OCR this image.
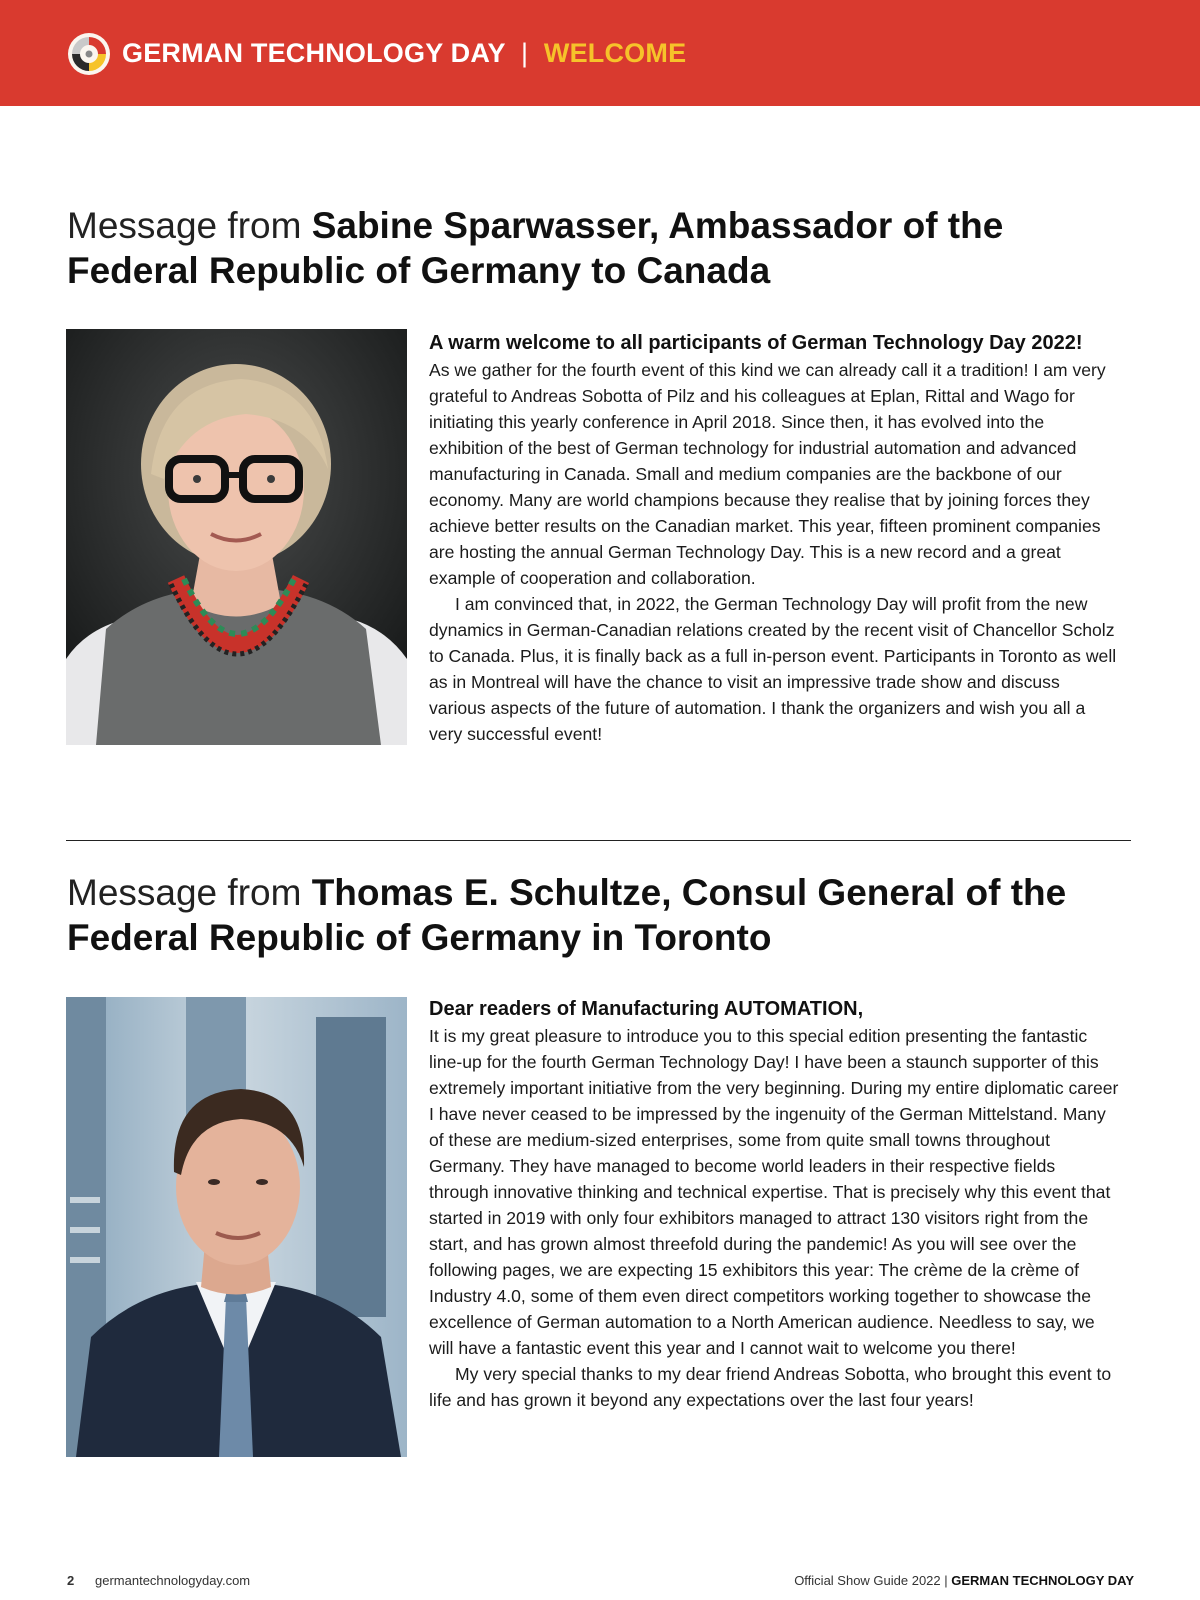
GERMAN TECHNOLOGY DAY | WELCOME
Message from Sabine Sparwasser, Ambassador of the Federal Republic of Germany to Canada
A warm welcome to all participants of German Technology Day 2022!

As we gather for the fourth event of this kind we can already call it a tradition! I am very grateful to Andreas Sobotta of Pilz and his colleagues at Eplan, Rittal and Wago for initiating this yearly conference in April 2018. Since then, it has evolved into the exhibition of the best of German technology for industrial automation and advanced manufacturing in Canada. Small and medium companies are the backbone of our economy. Many are world champions because they realise that by joining forces they achieve better results on the Canadian market. This year, fifteen prominent companies are hosting the annual German Technology Day. This is a new record and a great example of cooperation and collaboration.

I am convinced that, in 2022, the German Technology Day will profit from the new dynamics in German-Canadian relations created by the recent visit of Chancellor Scholz to Canada. Plus, it is finally back as a full in-person event. Participants in Toronto as well as in Montreal will have the chance to visit an impressive trade show and discuss various aspects of the future of automation. I thank the organizers and wish you all a very successful event!

Message from Thomas E. Schultze, Consul General of the Federal Republic of Germany in Toronto
Dear readers of Manufacturing AUTOMATION,

It is my great pleasure to introduce you to this special edition presenting the fantastic line-up for the fourth German Technology Day! I have been a staunch supporter of this extremely important initiative from the very beginning. During my entire diplomatic career I have never ceased to be impressed by the ingenuity of the German Mittelstand. Many of these are medium-sized enterprises, some from quite small towns throughout Germany. They have managed to become world leaders in their respective fields through innovative thinking and technical expertise. That is precisely why this event that started in 2019 with only four exhibitors managed to attract 130 visitors right from the start, and has grown almost threefold during the pandemic! As you will see over the following pages, we are expecting 15 exhibitors this year: The crème de la crème of Industry 4.0, some of them even direct competitors working together to showcase the excellence of German automation to a North American audience. Needless to say, we will have a fantastic event this year and I cannot wait to welcome you there!

My very special thanks to my dear friend Andreas Sobotta, who brought this event to life and has grown it beyond any expectations over the last four years!

2 germantechnologyday.com	Official Show Guide 2022 | GERMAN TECHNOLOGY DAY
